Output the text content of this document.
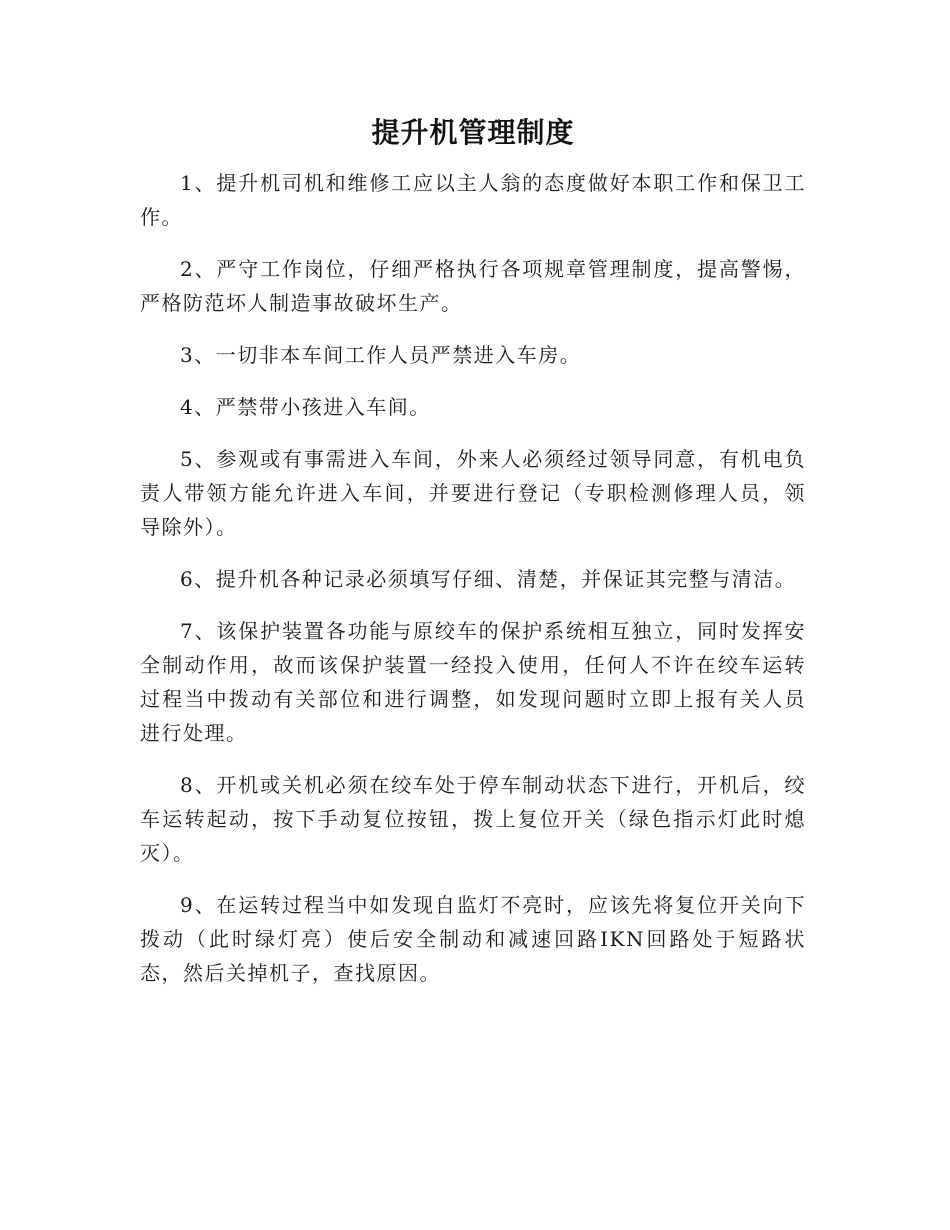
提升机管理制度

1、提升机司机和维修工应以主人翁的态度做好本职工作和保卫工作。

2、严守工作岗位，仔细严格执行各项规章管理制度，提高警惕，严格防范坏人制造事故破坏生产。

3、一切非本车间工作人员严禁进入车房。

4、严禁带小孩进入车间。

5、参观或有事需进入车间，外来人必须经过领导同意，有机电负责人带领方能允许进入车间，并要进行登记（专职检测修理人员，领导除外）。

6、提升机各种记录必须填写仔细、清楚，并保证其完整与清洁。

7、该保护装置各功能与原绞车的保护系统相互独立，同时发挥安全制动作用，故而该保护装置一经投入使用，任何人不许在绞车运转过程当中拨动有关部位和进行调整，如发现问题时立即上报有关人员进行处理。

8、开机或关机必须在绞车处于停车制动状态下进行，开机后，绞车运转起动，按下手动复位按钮，拨上复位开关（绿色指示灯此时熄灭）。

9、在运转过程当中如发现自监灯不亮时，应该先将复位开关向下拨动（此时绿灯亮）使后安全制动和减速回路IKN回路处于短路状态，然后关掉机子，查找原因。
